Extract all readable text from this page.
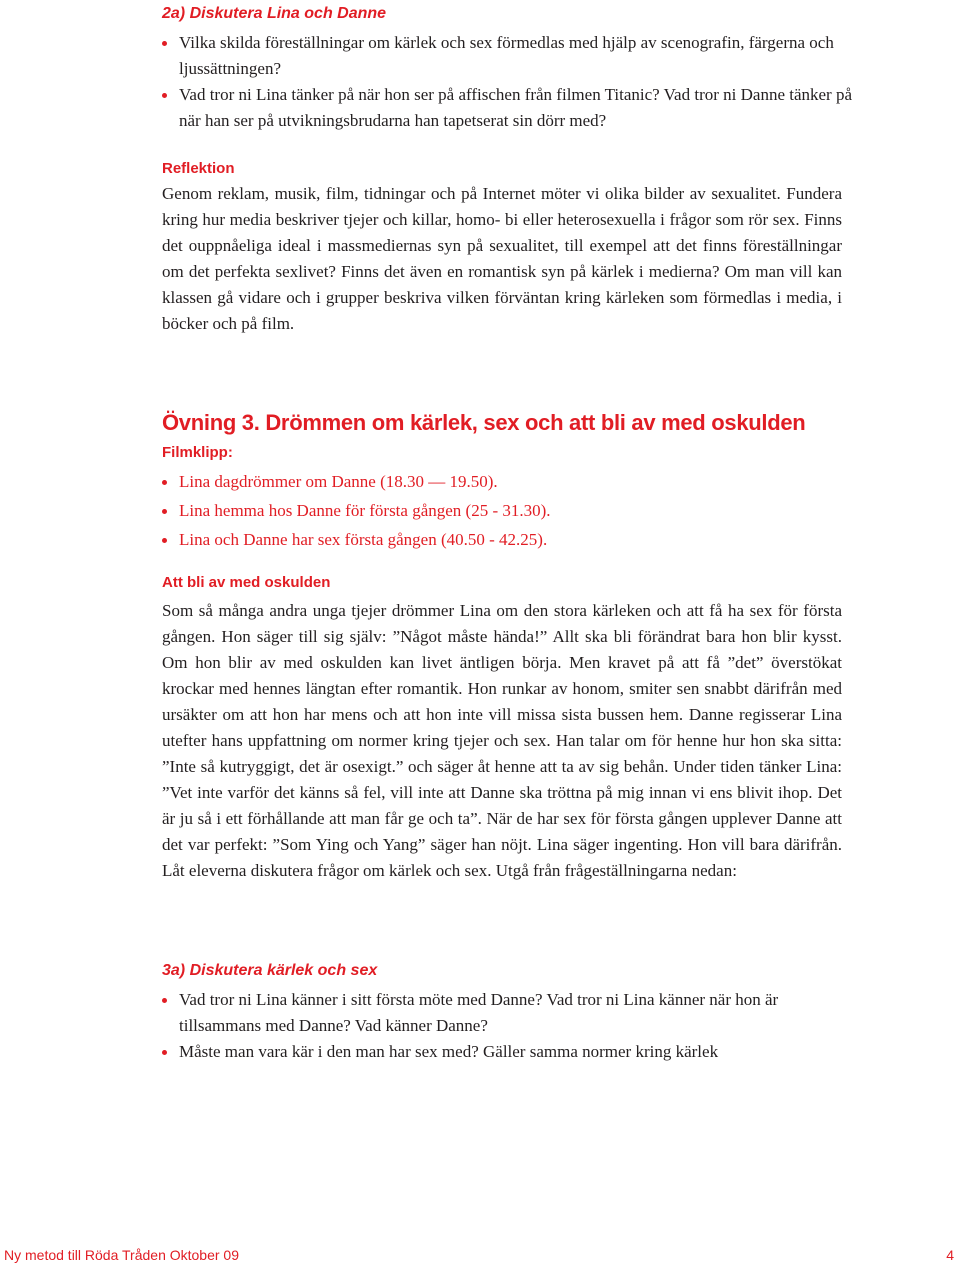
2a) Diskutera Lina och Danne
Vilka skilda föreställningar om kärlek och sex förmedlas med hjälp av scenografin, färgerna och ljussättningen?
Vad tror ni Lina tänker på när hon ser på affischen från filmen Titanic? Vad tror ni Danne tänker på när han ser på utvikningsbrudarna han tapetserat sin dörr med?
Reflektion
Genom reklam, musik, film, tidningar och på Internet möter vi olika bilder av sexualitet. Fundera kring hur media beskriver tjejer och killar, homo- bi eller heterosexuella i frågor som rör sex. Finns det ouppnåeliga ideal i massmediernas syn på sexualitet, till exempel att det finns föreställningar om det perfekta sexlivet? Finns det även en romantisk syn på kärlek i medierna? Om man vill kan klassen gå vidare och i grupper beskriva vilken förväntan kring kärleken som förmedlas i media, i böcker och på film.
Övning 3. Drömmen om kärlek, sex och att bli av med oskulden
Filmklipp:
Lina dagdrömmer om Danne (18.30 — 19.50).
Lina hemma hos Danne för första gången (25 - 31.30).
Lina och Danne har sex första gången (40.50 - 42.25).
Att bli av med oskulden
Som så många andra unga tjejer drömmer Lina om den stora kärleken och att få ha sex för första gången. Hon säger till sig själv: ”Något måste hända!” Allt ska bli förändrat bara hon blir kysst. Om hon blir av med oskulden kan livet äntligen börja. Men kravet på att få ”det” överstökat krockar med hennes längtan efter romantik. Hon runkar av honom, smiter sen snabbt därifrån med ursäkter om att hon har mens och att hon inte vill missa sista bussen hem. Danne regisserar Lina utefter hans uppfattning om normer kring tjejer och sex. Han talar om för henne hur hon ska sitta: ”Inte så kutryggigt, det är osexigt.” och säger åt henne att ta av sig behån. Under tiden tänker Lina: ”Vet inte varför det känns så fel, vill inte att Danne ska tröttna på mig innan vi ens blivit ihop. Det är ju så i ett förhållande att man får ge och ta”. När de har sex för första gången upplever Danne att det var perfekt: ”Som Ying och Yang” säger han nöjt. Lina säger ingenting. Hon vill bara därifrån. Låt eleverna diskutera frågor om kärlek och sex. Utgå från frågeställningarna nedan:
3a) Diskutera kärlek och sex
Vad tror ni Lina känner i sitt första möte med Danne? Vad tror ni Lina känner när hon är tillsammans med Danne? Vad känner Danne?
Måste man vara kär i den man har sex med? Gäller samma normer kring kärlek
Ny metod till Röda Tråden Oktober 09	4
